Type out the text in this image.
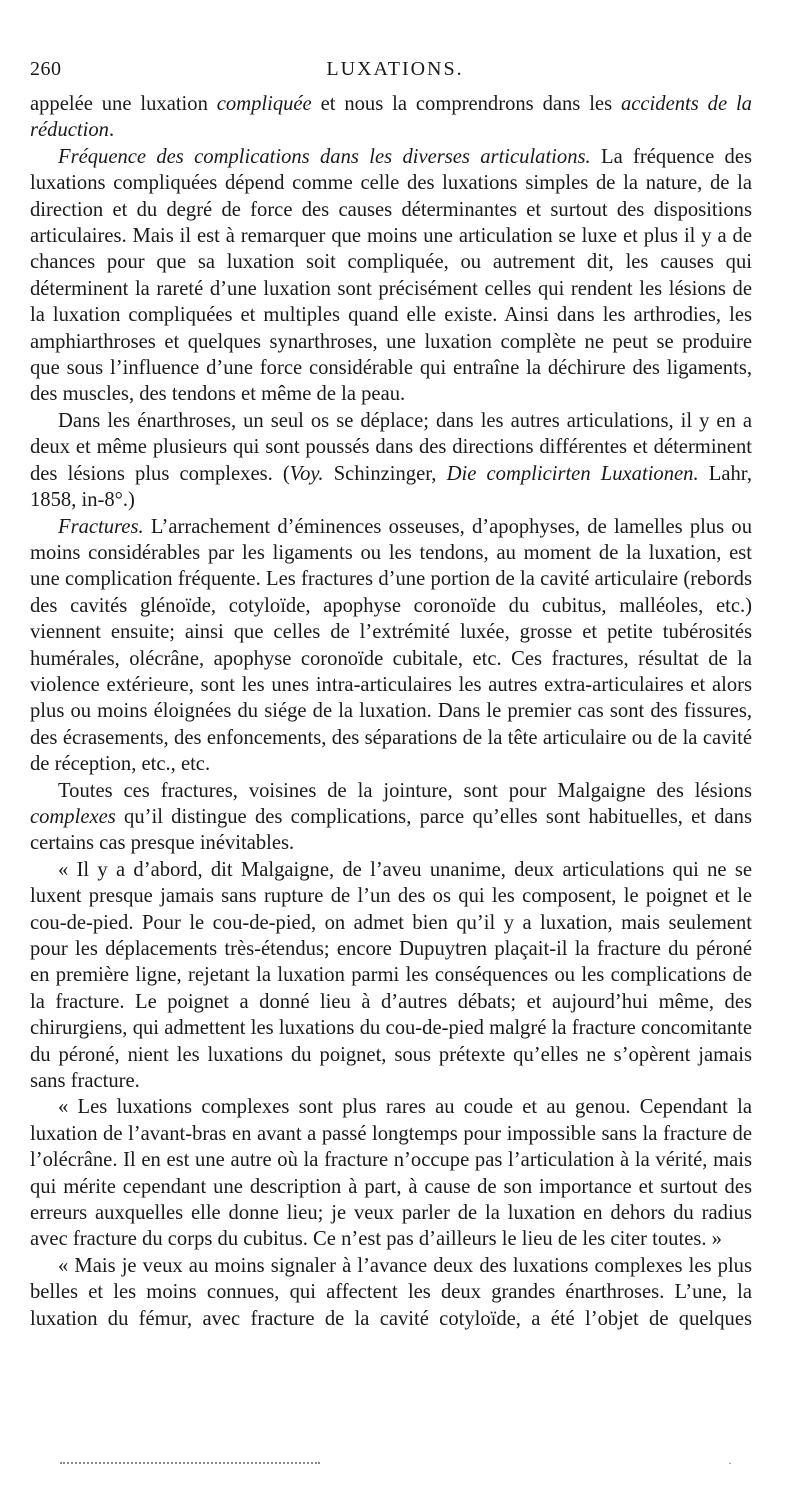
260	LUXATIONS.

appelée une luxation compliquée et nous la comprendrons dans les accidents de la réduction.

Fréquence des complications dans les diverses articulations. La fréquence des luxations compliquées dépend comme celle des luxations simples de la nature, de la direction et du degré de force des causes déterminantes et surtout des dispositions articulaires. Mais il est à remarquer que moins une articulation se luxe et plus il y a de chances pour que sa luxation soit compliquée, ou autrement dit, les causes qui déterminent la rareté d’une luxation sont précisément celles qui rendent les lésions de la luxation compliquées et multiples quand elle existe. Ainsi dans les arthrodies, les amphiarthroses et quelques synarthroses, une luxation complète ne peut se produire que sous l’influence d’une force considérable qui entraîne la déchirure des ligaments, des muscles, des tendons et même de la peau.

Dans les énarthroses, un seul os se déplace; dans les autres articulations, il y en a deux et même plusieurs qui sont poussés dans des directions différentes et déterminent des lésions plus complexes. (Voy. Schinzinger, Die complicirten Luxationen. Lahr, 1858, in-8°.)

Fractures. L’arrachement d’éminences osseuses, d’apophyses, de lamelles plus ou moins considérables par les ligaments ou les tendons, au moment de la luxation, est une complication fréquente. Les fractures d’une portion de la cavité articulaire (rebords des cavités glénoïde, cotyloïde, apophyse coronoïde du cubitus, malléoles, etc.) viennent ensuite; ainsi que celles de l’extrémité luxée, grosse et petite tubérosités humérales, olécrâne, apophyse coronoïde cubitale, etc. Ces fractures, résultat de la violence extérieure, sont les unes intra-articulaires les autres extra-articulaires et alors plus ou moins éloignées du siége de la luxation. Dans le premier cas sont des fissures, des écrasements, des enfoncements, des séparations de la tête articulaire ou de la cavité de réception, etc., etc.

Toutes ces fractures, voisines de la jointure, sont pour Malgaigne des lésions complexes qu’il distingue des complications, parce qu’elles sont habituelles, et dans certains cas presque inévitables.

« Il y a d’abord, dit Malgaigne, de l’aveu unanime, deux articulations qui ne se luxent presque jamais sans rupture de l’un des os qui les composent, le poignet et le cou-de-pied. Pour le cou-de-pied, on admet bien qu’il y a luxation, mais seulement pour les déplacements très-étendus; encore Dupuytren plaçait-il la fracture du péroné en première ligne, rejetant la luxation parmi les conséquences ou les complications de la fracture. Le poignet a donné lieu à d’autres débats; et aujourd’hui même, des chirurgiens, qui admettent les luxations du cou-de-pied malgré la fracture concomitante du péroné, nient les luxations du poignet, sous prétexte qu’elles ne s’opèrent jamais sans fracture.

« Les luxations complexes sont plus rares au coude et au genou. Cependant la luxation de l’avant-bras en avant a passé longtemps pour impossible sans la fracture de l’olécrâne. Il en est une autre où la fracture n’occupe pas l’articulation à la vérité, mais qui mérite cependant une description à part, à cause de son importance et surtout des erreurs auxquelles elle donne lieu; je veux parler de la luxation en dehors du radius avec fracture du corps du cubitus. Ce n’est pas d’ailleurs le lieu de les citer toutes. »

« Mais je veux au moins signaler à l’avance deux des luxations complexes les plus belles et les moins connues, qui affectent les deux grandes énarthroses. L’une, la luxation du fémur, avec fracture de la cavité cotyloïde, a été l’objet de quelques

·
